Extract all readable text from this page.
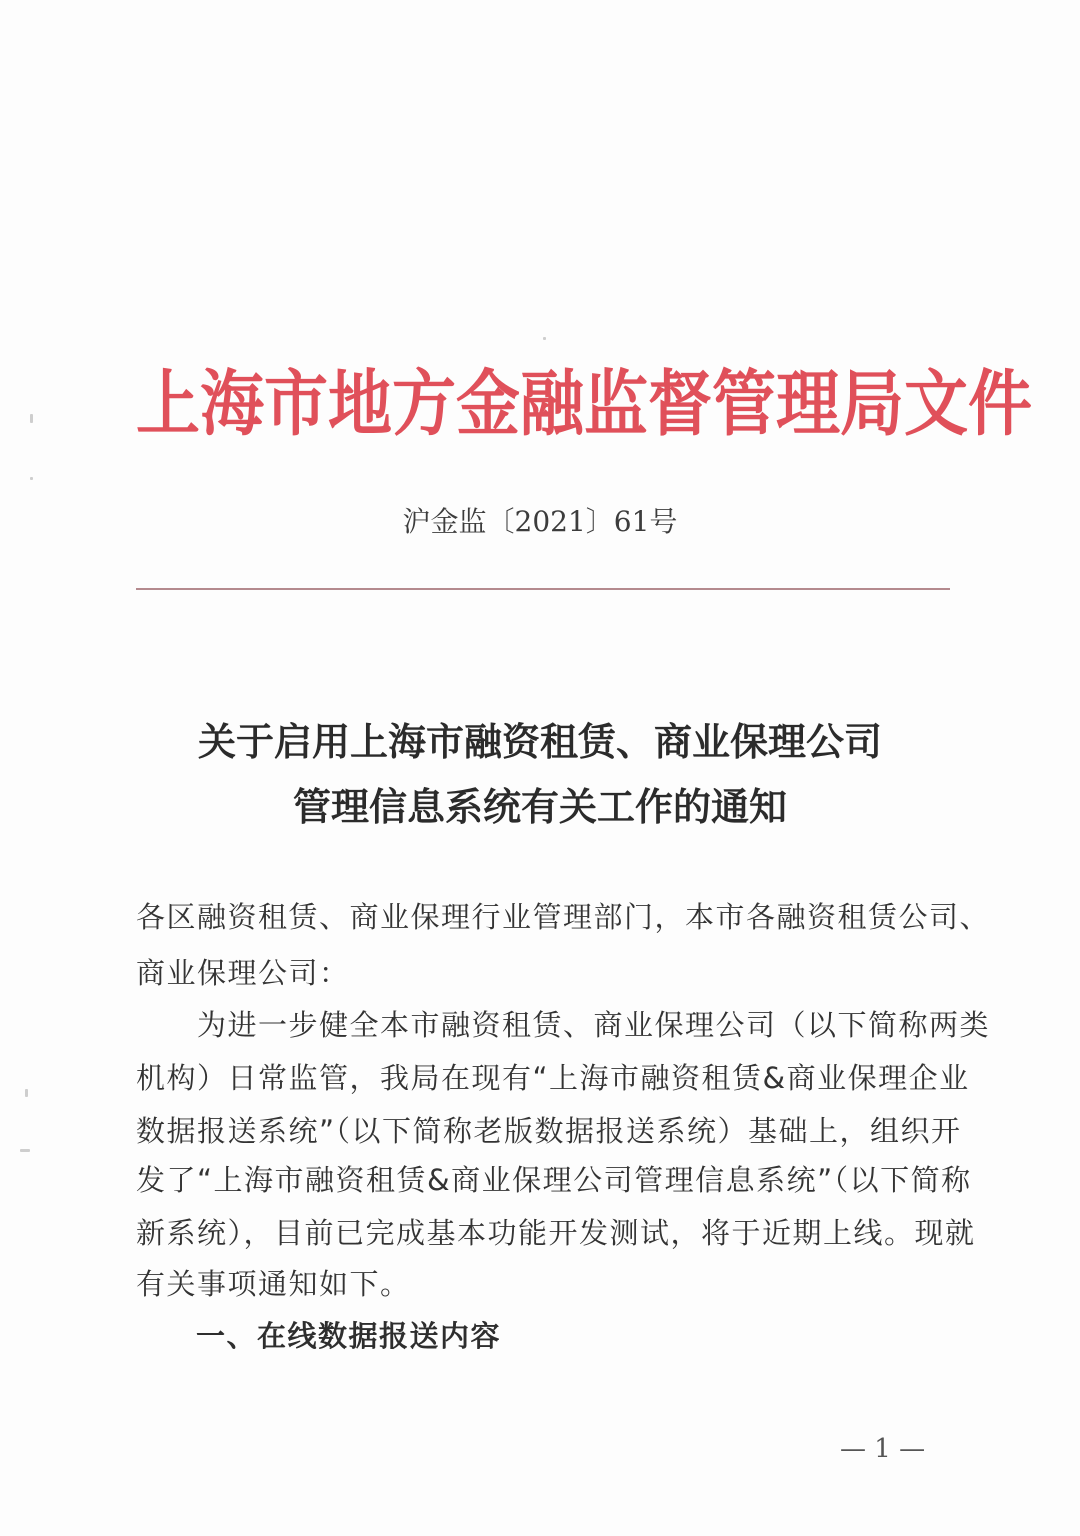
上海市地方金融监督管理局文件
沪金监〔2021〕61号
关于启用上海市融资租赁、商业保理公司
管理信息系统有关工作的通知
各区融资租赁、商业保理行业管理部门，本市各融资租赁公司、
商业保理公司：
　　为进一步健全本市融资租赁、商业保理公司（以下简称两类
机构）日常监管，我局在现有“上海市融资租赁&商业保理企业
数据报送系统”（以下简称老版数据报送系统）基础上，组织开
发了“上海市融资租赁&商业保理公司管理信息系统”（以下简称
新系统），目前已完成基本功能开发测试，将于近期上线。现就
有关事项通知如下。
一、在线数据报送内容
— 1 —
